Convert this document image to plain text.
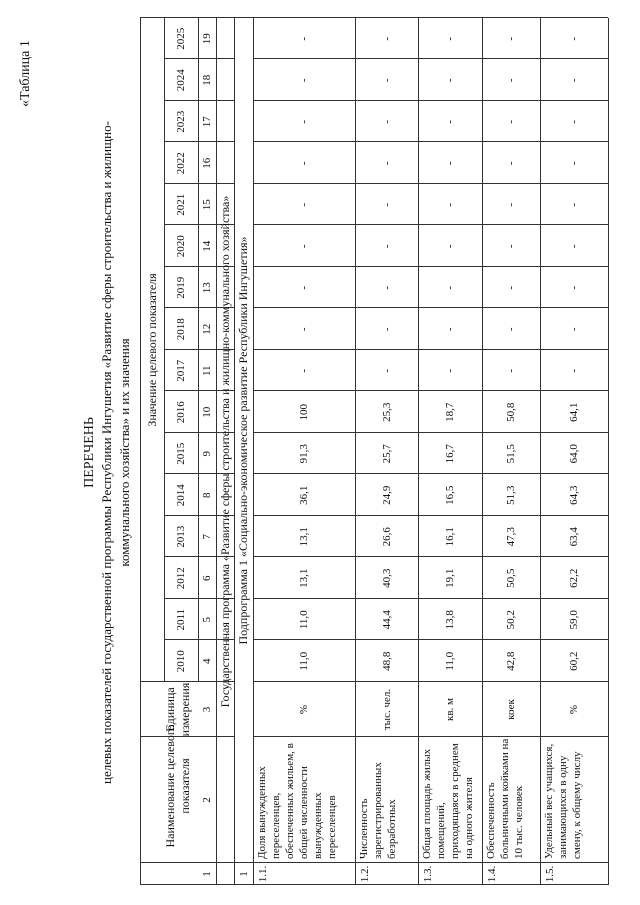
«Таблица 1
ПЕРЕЧЕНЬ целевых показателей государственной программы Республики Ингушетия «Развитие сферы строительства и жилищно- коммунального хозяйства» и их значения
Наименование целевого показателя
Единица измерения
Значение целевого показателя
2010
2011
2012
2013
2014
2015
2016
2017
2018
2019
2020
2021
2022
2023
2024
2025
1
2
3
4
5
6
7
8
9
10
11
12
13
14
15
16
17
18
19
Государственная программа «Развитие сферы строительства и жилищно-коммунального хозяйства»
1
Подпрограмма 1 «Социально-экономическое развитие Республики Ингушетия»
1.1.
Доля вынужденных переселенцев, обеспеченных жильем, в общей численности вынужденных переселенцев
%
11,0
11,0
13,1
13,1
36,1
91,3
100
-
-
-
-
-
-
-
-
-
1.2.
Численность зарегистрированных безработных
тыс. чел.
48,8
44,4
40,3
26,6
24,9
25,7
25,3
-
-
-
-
-
-
-
-
-
1.3.
Общая площадь жилых помещений, приходящаяся в среднем на одного жителя
кв. м
11,0
13,8
19,1
16,1
16,5
16,7
18,7
-
-
-
-
-
-
-
-
-
1.4.
Обеспеченность больничными койками на 10 тыс. человек
коек
42,8
50,2
50,5
47,3
51,3
51,5
50,8
-
-
-
-
-
-
-
-
-
1.5.
Удельный вес учащихся, занимающихся в одну смену, к общему числу
%
60,2
59,0
62,2
63,4
64,3
64,0
64,1
-
-
-
-
-
-
-
-
-
